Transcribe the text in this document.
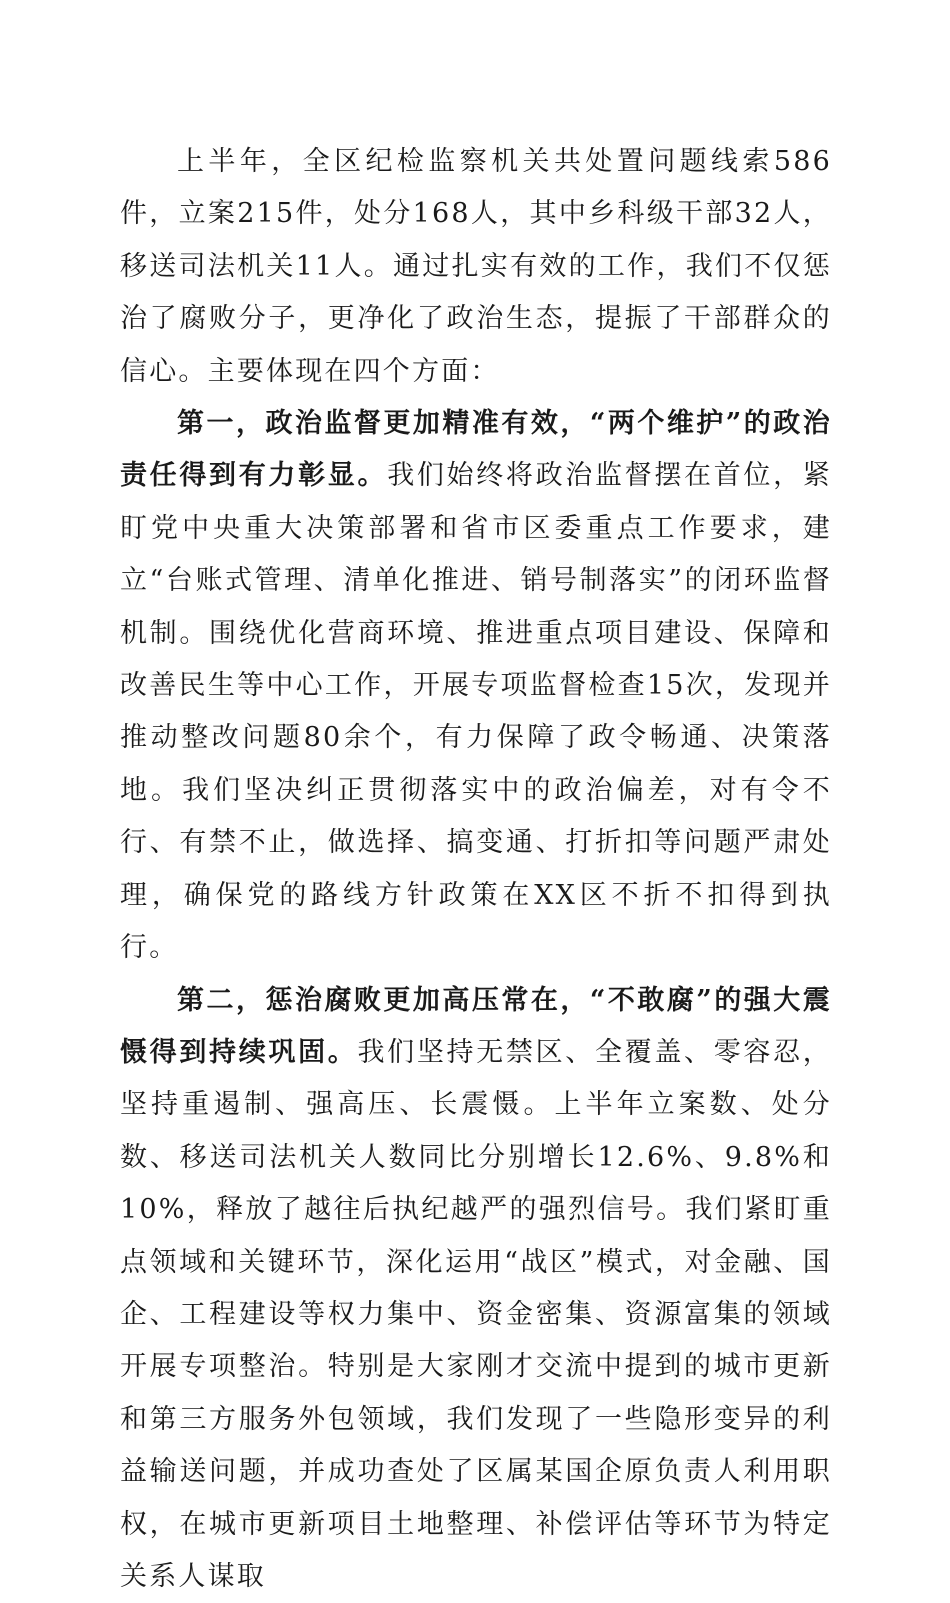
上半年，全区纪检监察机关共处置问题线索586件，立案215件，处分168人，其中乡科级干部32人，移送司法机关11人。通过扎实有效的工作，我们不仅惩治了腐败分子，更净化了政治生态，提振了干部群众的信心。主要体现在四个方面：

第一，政治监督更加精准有效，“两个维护”的政治责任得到有力彰显。我们始终将政治监督摆在首位，紧盯党中央重大决策部署和省市区委重点工作要求，建立“台账式管理、清单化推进、销号制落实”的闭环监督机制。围绕优化营商环境、推进重点项目建设、保障和改善民生等中心工作，开展专项监督检查15次，发现并推动整改问题80余个，有力保障了政令畅通、决策落地。我们坚决纠正贯彻落实中的政治偏差，对有令不行、有禁不止，做选择、搞变通、打折扣等问题严肃处理，确保党的路线方针政策在XX区不折不扣得到执行。

第二，惩治腐败更加高压常在，“不敢腐”的强大震慑得到持续巩固。我们坚持无禁区、全覆盖、零容忍，坚持重遏制、强高压、长震慑。上半年立案数、处分数、移送司法机关人数同比分别增长12.6%、9.8%和10%，释放了越往后执纪越严的强烈信号。我们紧盯重点领域和关键环节，深化运用“战区”模式，对金融、国企、工程建设等权力集中、资金密集、资源富集的领域开展专项整治。特别是大家刚才交流中提到的城市更新和第三方服务外包领域，我们发现了一些隐形变异的利益输送问题，并成功查处了区属某国企原负责人利用职权，在城市更新项目土地整理、补偿评估等环节为特定关系人谋取
